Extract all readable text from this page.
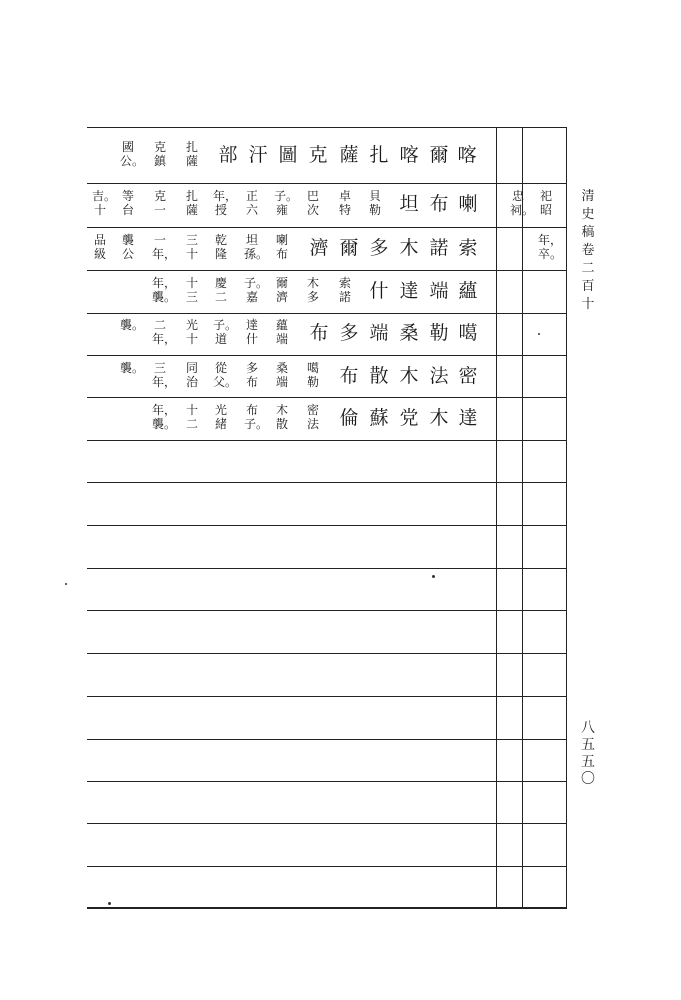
清史稿卷二百十
八五五〇
喀
爾
喀
扎
薩
克
圖
汗
部
扎薩
克鎮
國公。
喇
布
坦
貝勒
卓特
巴次
子。雍
正六
年，授
扎薩
克一
等台
吉。十
祀昭
忠祠。
索
諾
木
多
爾
濟
喇布
坦孫。
乾隆
三十
一年，
襲公
品級
年，卒。
蘊
端
達
什
索諾
木多
爾濟
子。嘉
慶二
十三
年，襲。
噶
勒
桑
端
多
布
蘊端
達什
子。道
光十
二年，
襲。
密
法
木
散
布
噶勒
桑端
多布
從父。
同治
三年，
襲。
達
木
党
蘇
倫
密法
木散
布子。
光緒
十二
年，襲。
